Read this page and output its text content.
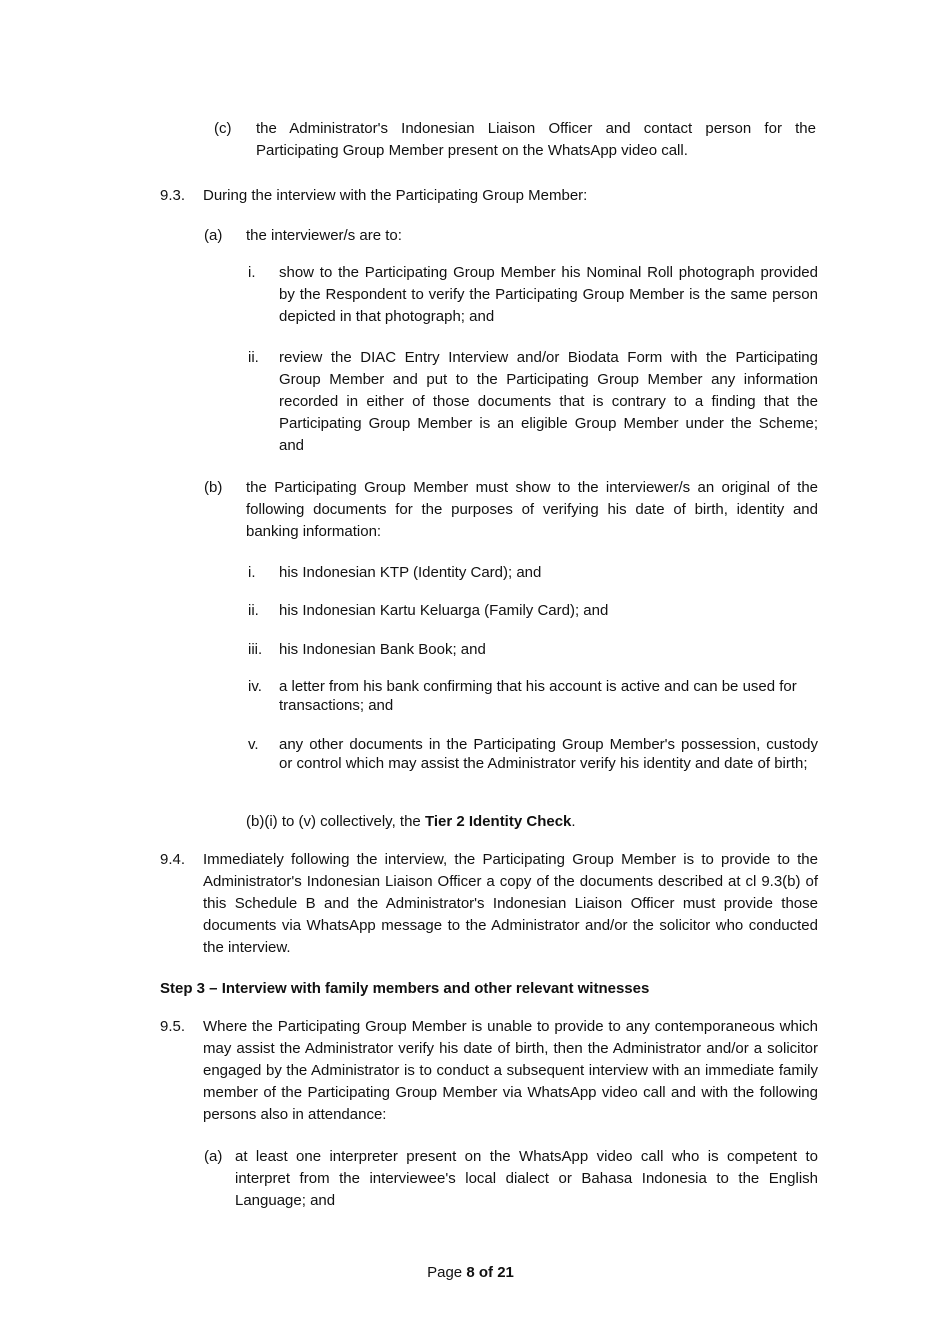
(c) the Administrator's Indonesian Liaison Officer and contact person for the Participating Group Member present on the WhatsApp video call.
9.3. During the interview with the Participating Group Member:
(a) the interviewer/s are to:
i. show to the Participating Group Member his Nominal Roll photograph provided by the Respondent to verify the Participating Group Member is the same person depicted in that photograph; and
ii. review the DIAC Entry Interview and/or Biodata Form with the Participating Group Member and put to the Participating Group Member any information recorded in either of those documents that is contrary to a finding that the Participating Group Member is an eligible Group Member under the Scheme; and
(b) the Participating Group Member must show to the interviewer/s an original of the following documents for the purposes of verifying his date of birth, identity and banking information:
i. his Indonesian KTP (Identity Card); and
ii. his Indonesian Kartu Keluarga (Family Card); and
iii. his Indonesian Bank Book; and
iv. a letter from his bank confirming that his account is active and can be used for transactions; and
v. any other documents in the Participating Group Member's possession, custody or control which may assist the Administrator verify his identity and date of birth;
(b)(i) to (v) collectively, the Tier 2 Identity Check.
9.4. Immediately following the interview, the Participating Group Member is to provide to the Administrator's Indonesian Liaison Officer a copy of the documents described at cl 9.3(b) of this Schedule B and the Administrator's Indonesian Liaison Officer must provide those documents via WhatsApp message to the Administrator and/or the solicitor who conducted the interview.
Step 3 – Interview with family members and other relevant witnesses
9.5. Where the Participating Group Member is unable to provide to any contemporaneous which may assist the Administrator verify his date of birth, then the Administrator and/or a solicitor engaged by the Administrator is to conduct a subsequent interview with an immediate family member of the Participating Group Member via WhatsApp video call and with the following persons also in attendance:
(a) at least one interpreter present on the WhatsApp video call who is competent to interpret from the interviewee's local dialect or Bahasa Indonesia to the English Language; and
Page 8 of 21
